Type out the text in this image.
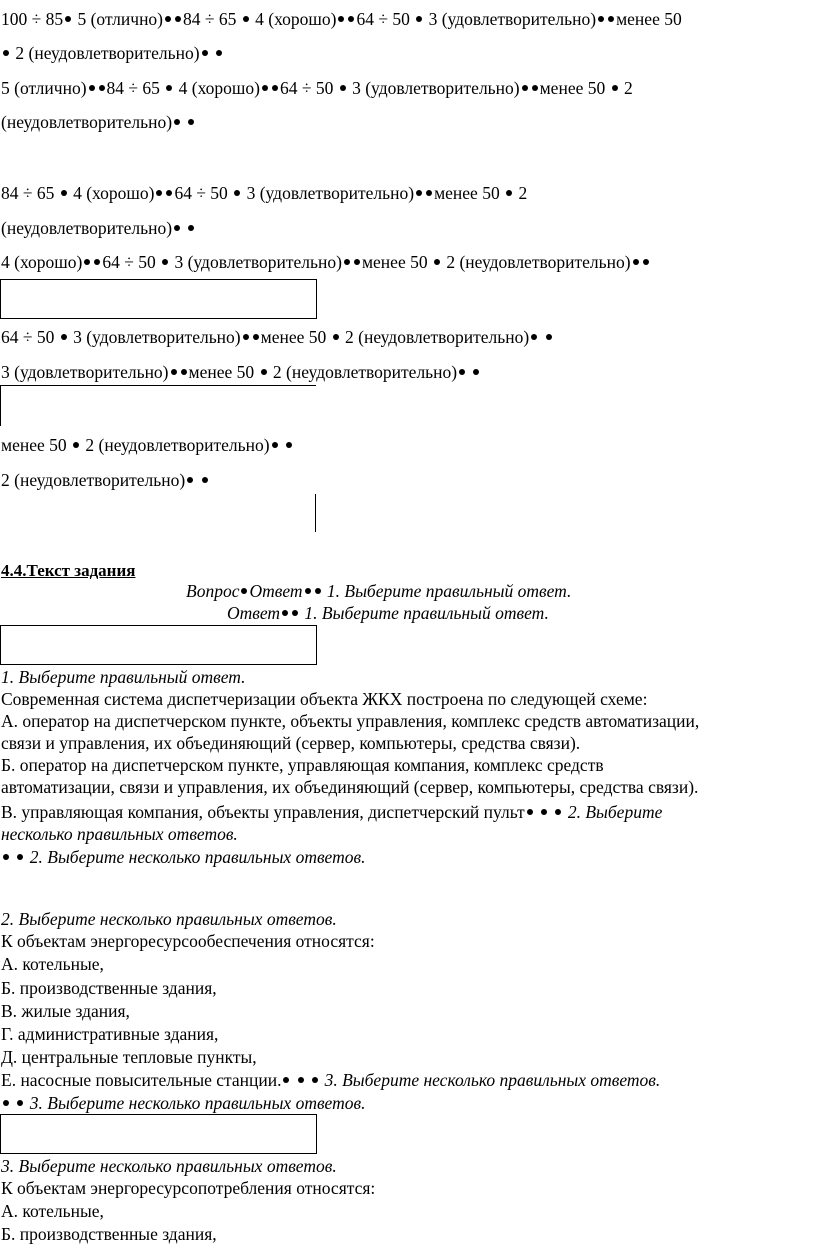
100 ÷ 85 5 (отлично) 84 ÷ 65 4 (хорошо) 64 ÷ 50 3 (удовлетворительно) менее 50
2 (неудовлетворительно)
5 (отлично) 84 ÷ 65 4 (хорошо) 64 ÷ 50 3 (удовлетворительно) менее 50 2
(неудовлетворительно)
84 ÷ 65 4 (хорошо) 64 ÷ 50 3 (удовлетворительно) менее 50 2
(неудовлетворительно)
4 (хорошо) 64 ÷ 50 3 (удовлетворительно) менее 50 2 (неудовлетворительно)
64 ÷ 50 3 (удовлетворительно) менее 50 2 (неудовлетворительно)
3 (удовлетворительно) менее 50 2 (неудовлетворительно)
менее 50 2 (неудовлетворительно)
2 (неудовлетворительно)
4.4.Текст задания
Вопрос Ответ 1. Выберите правильный ответ.
Ответ 1. Выберите правильный ответ.
1. Выберите правильный ответ.
Современная система диспетчеризации объекта ЖКХ построена по следующей схеме:
А. оператор на диспетчерском пункте, объекты управления, комплекс средств автоматизации,
связи и управления, их объединяющий (сервер, компьютеры, средства связи).
Б. оператор на диспетчерском пункте, управляющая компания, комплекс средств
автоматизации, связи и управления, их объединяющий (сервер, компьютеры, средства связи).
В. управляющая компания, объекты управления, диспетчерский пульт 2. Выберите
несколько правильных ответов.
2. Выберите несколько правильных ответов.
2. Выберите несколько правильных ответов.
К объектам энергоресурсообеспечения относятся:
А. котельные,
Б. производственные здания,
В. жилые здания,
Г. административные здания,
Д. центральные тепловые пункты,
Е. насосные повысительные станции. 3. Выберите несколько правильных ответов.
3. Выберите несколько правильных ответов.
3. Выберите несколько правильных ответов.
К объектам энергоресурсопотребления относятся:
А. котельные,
Б. производственные здания,
